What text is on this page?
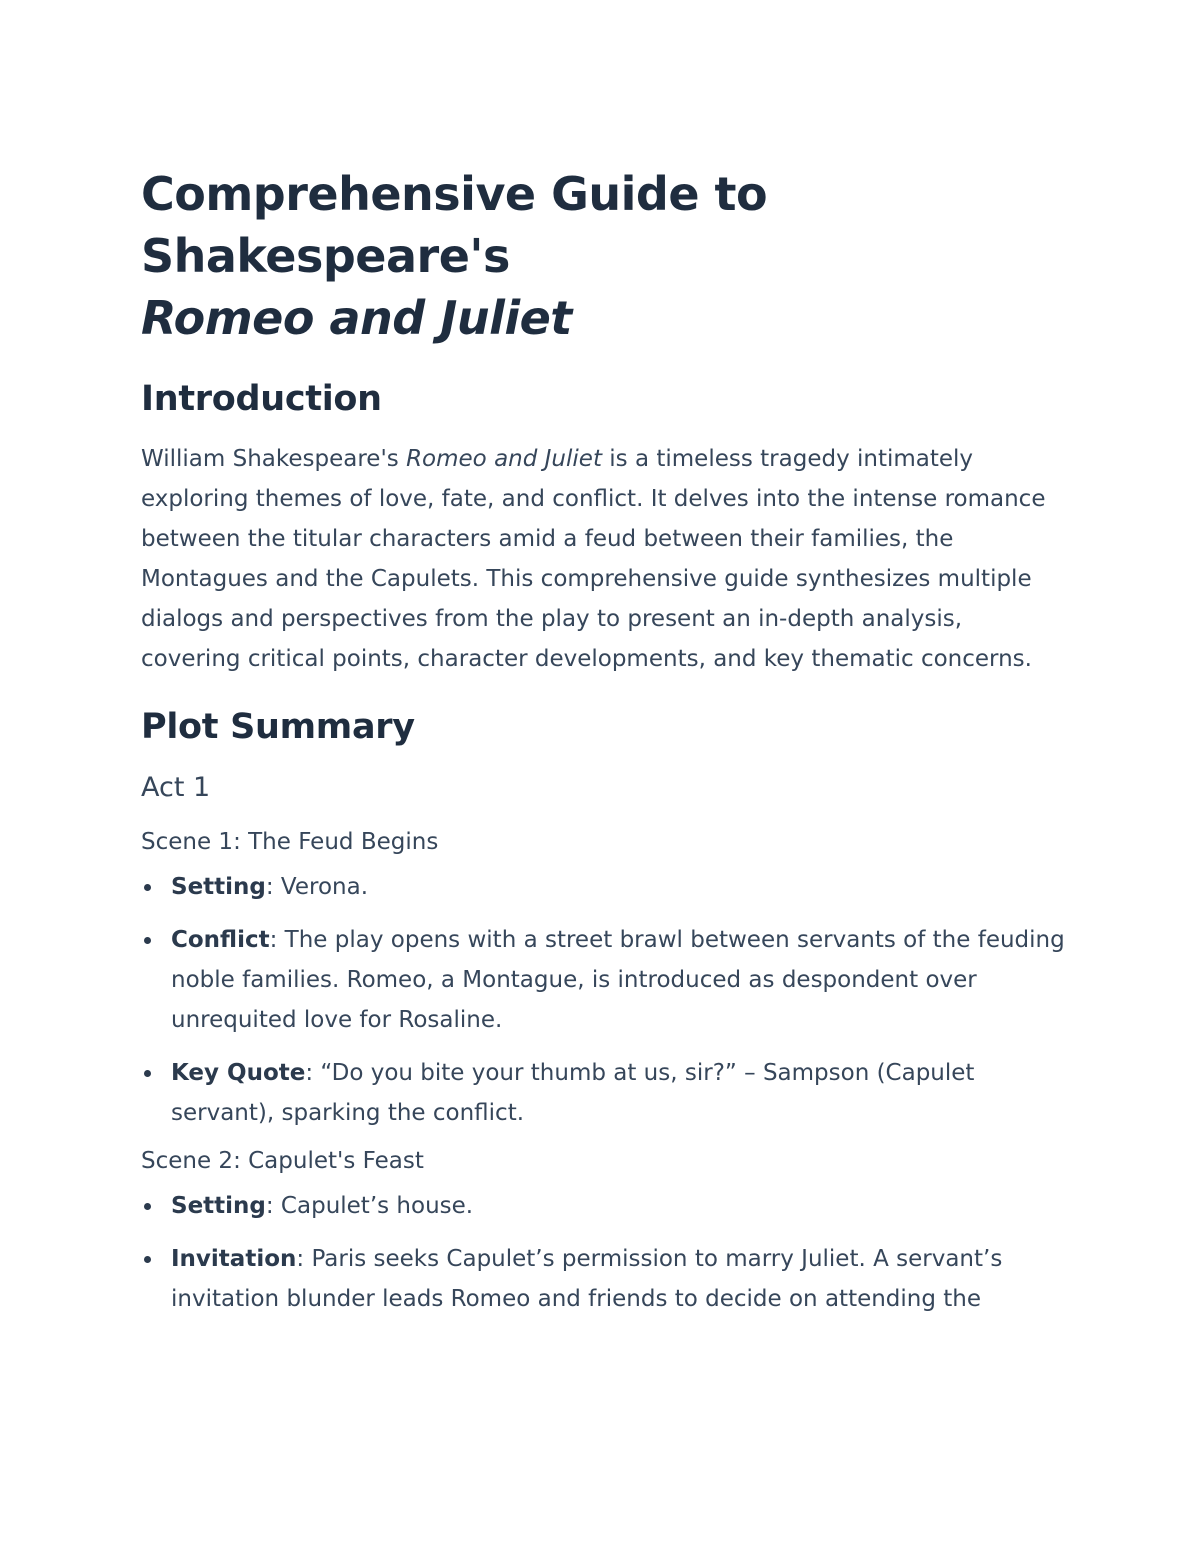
Comprehensive Guide to Shakespeare's
Romeo and Juliet
Introduction

William Shakespeare's Romeo and Juliet is a timeless tragedy intimately exploring themes of love, fate, and conflict. It delves into the intense romance between the titular characters amid a feud between their families, the Montagues and the Capulets. This comprehensive guide synthesizes multiple dialogs and perspectives from the play to present an in-depth analysis, covering critical points, character developments, and key thematic concerns.

Plot Summary
Act 1
Scene 1: The Feud Begins
Setting: Verona.
Conflict: The play opens with a street brawl between servants of the feuding noble families. Romeo, a Montague, is introduced as despondent over unrequited love for Rosaline.
Key Quote: “Do you bite your thumb at us, sir?” – Sampson (Capulet servant), sparking the conflict.
Scene 2: Capulet's Feast
Setting: Capulet’s house.
Invitation: Paris seeks Capulet’s permission to marry Juliet. A servant’s invitation blunder leads Romeo and friends to decide on attending the
